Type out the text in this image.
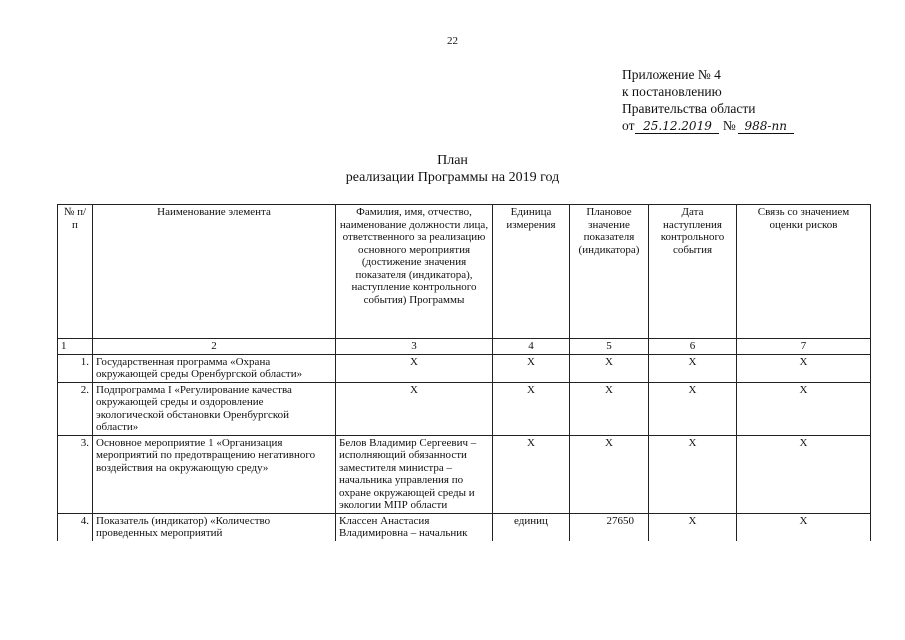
22
Приложение № 4
к постановлению
Правительства области
от 25.12.2019 № 988-пп
План
реализации Программы на 2019 год
№ п/п	Наименование элемента	Фамилия, имя, отчество, наименование должности лица, ответственного за реализацию основного мероприятия (достижение значения показателя (индикатора), наступление контрольного события) Программы	Единица измерения	Плановое значение показателя (индикатора)	Дата наступления контрольного события	Связь со значением оценки рисков
1	2	3	4	5	6	7
1.	Государственная программа «Охрана окружающей среды Оренбургской области»	Х	Х	Х	Х	Х
2.	Подпрограмма I «Регулирование качества окружающей среды и оздоровление экологической обстановки Оренбургской области»	Х	Х	Х	Х	Х
3.	Основное мероприятие 1 «Организация мероприятий по предотвращению негативного воздействия на окружающую среду»	Белов Владимир Сергеевич – исполняющий обязанности заместителя министра – начальника управления по охране окружающей среды и экологии МПР области	Х	Х	Х	Х
4.	Показатель (индикатор) «Количество проведенных мероприятий	Классен Анастасия Владимировна – начальник	единиц	27650	Х	Х
